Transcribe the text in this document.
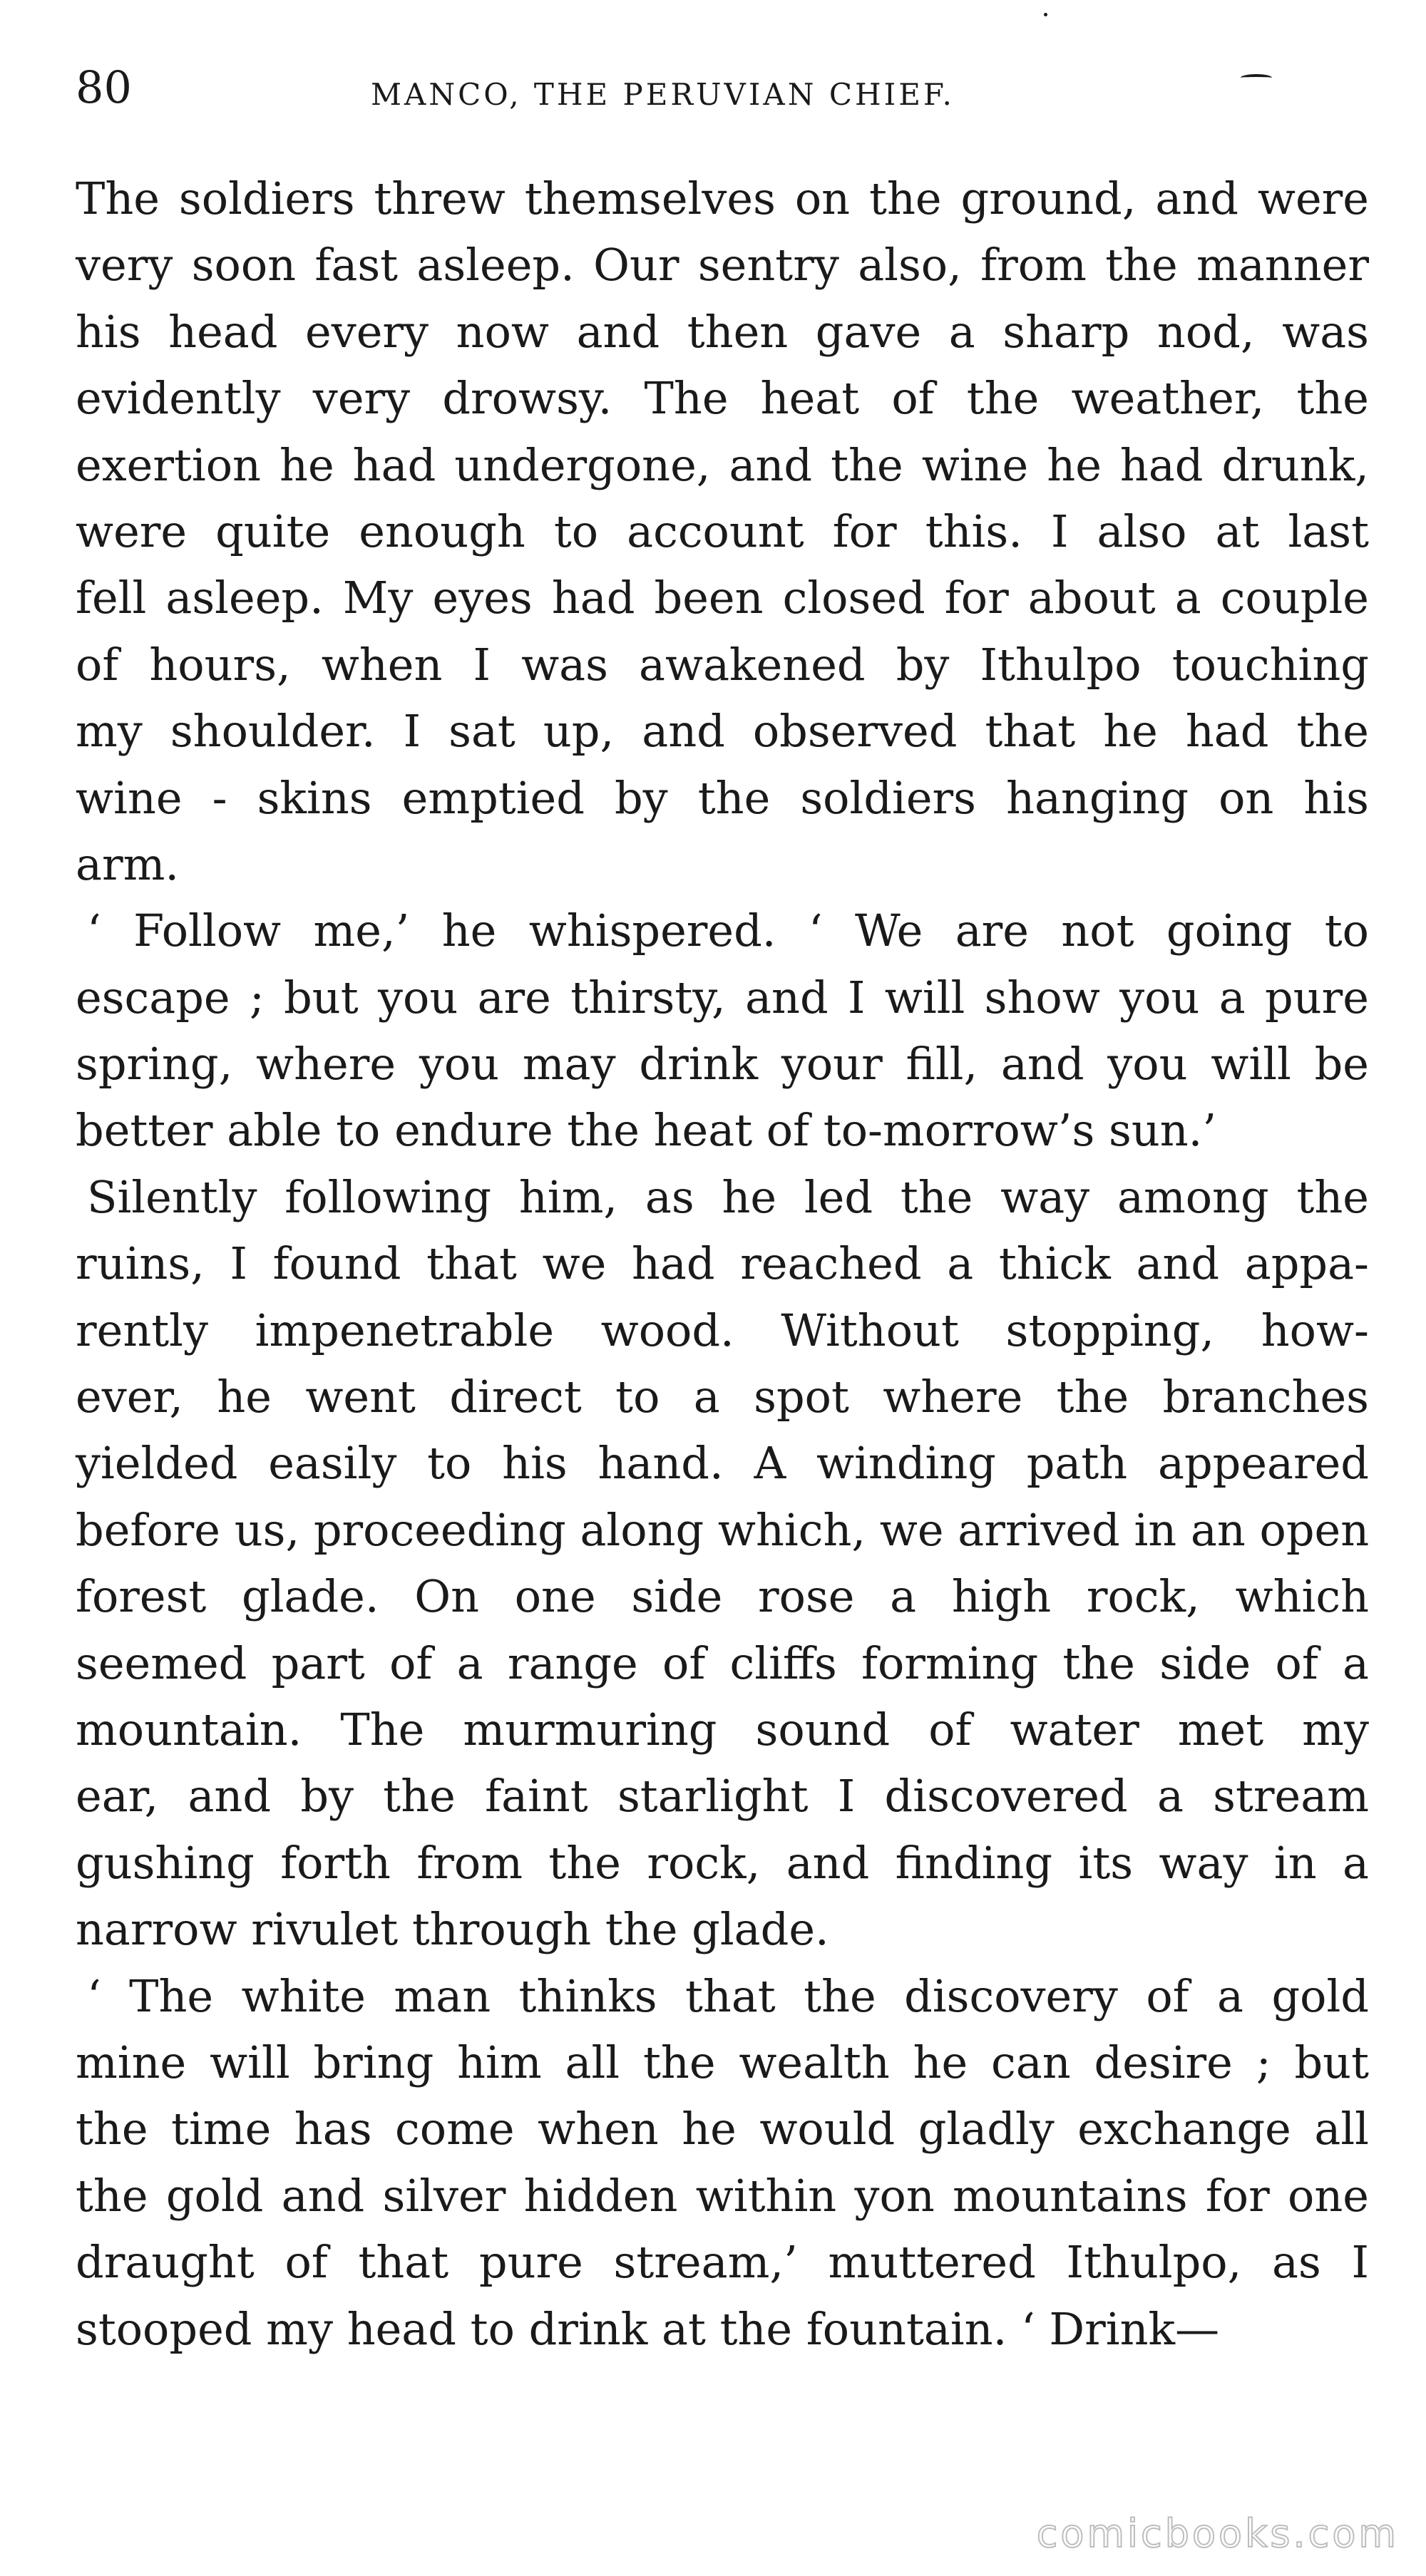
80	MANCO, THE PERUVIAN CHIEF.
The soldiers threw themselves on the ground, and were
very soon fast asleep. Our sentry also, from the manner
his head every now and then gave a sharp nod, was
evidently very drowsy. The heat of the weather, the
exertion he had undergone, and the wine he had drunk,
were quite enough to account for this. I also at last
fell asleep. My eyes had been closed for about a couple
of hours, when I was awakened by Ithulpo touching
my shoulder. I sat up, and observed that he had the
wine - skins emptied by the soldiers hanging on his
arm.
‘ Follow me,’ he whispered. ‘ We are not going to
escape ; but you are thirsty, and I will show you a pure
spring, where you may drink your fill, and you will be
better able to endure the heat of to-morrow’s sun.’
Silently following him, as he led the way among the
ruins, I found that we had reached a thick and appa-
rently impenetrable wood. Without stopping, how-
ever, he went direct to a spot where the branches
yielded easily to his hand. A winding path appeared
before us, proceeding along which, we arrived in an open
forest glade. On one side rose a high rock, which
seemed part of a range of cliffs forming the side of a
mountain. The murmuring sound of water met my
ear, and by the faint starlight I discovered a stream
gushing forth from the rock, and finding its way in a
narrow rivulet through the glade.
‘ The white man thinks that the discovery of a gold
mine will bring him all the wealth he can desire ; but
the time has come when he would gladly exchange all
the gold and silver hidden within yon mountains for one
draught of that pure stream,’ muttered Ithulpo, as I
stooped my head to drink at the fountain. ‘ Drink—
comicbooks.com
